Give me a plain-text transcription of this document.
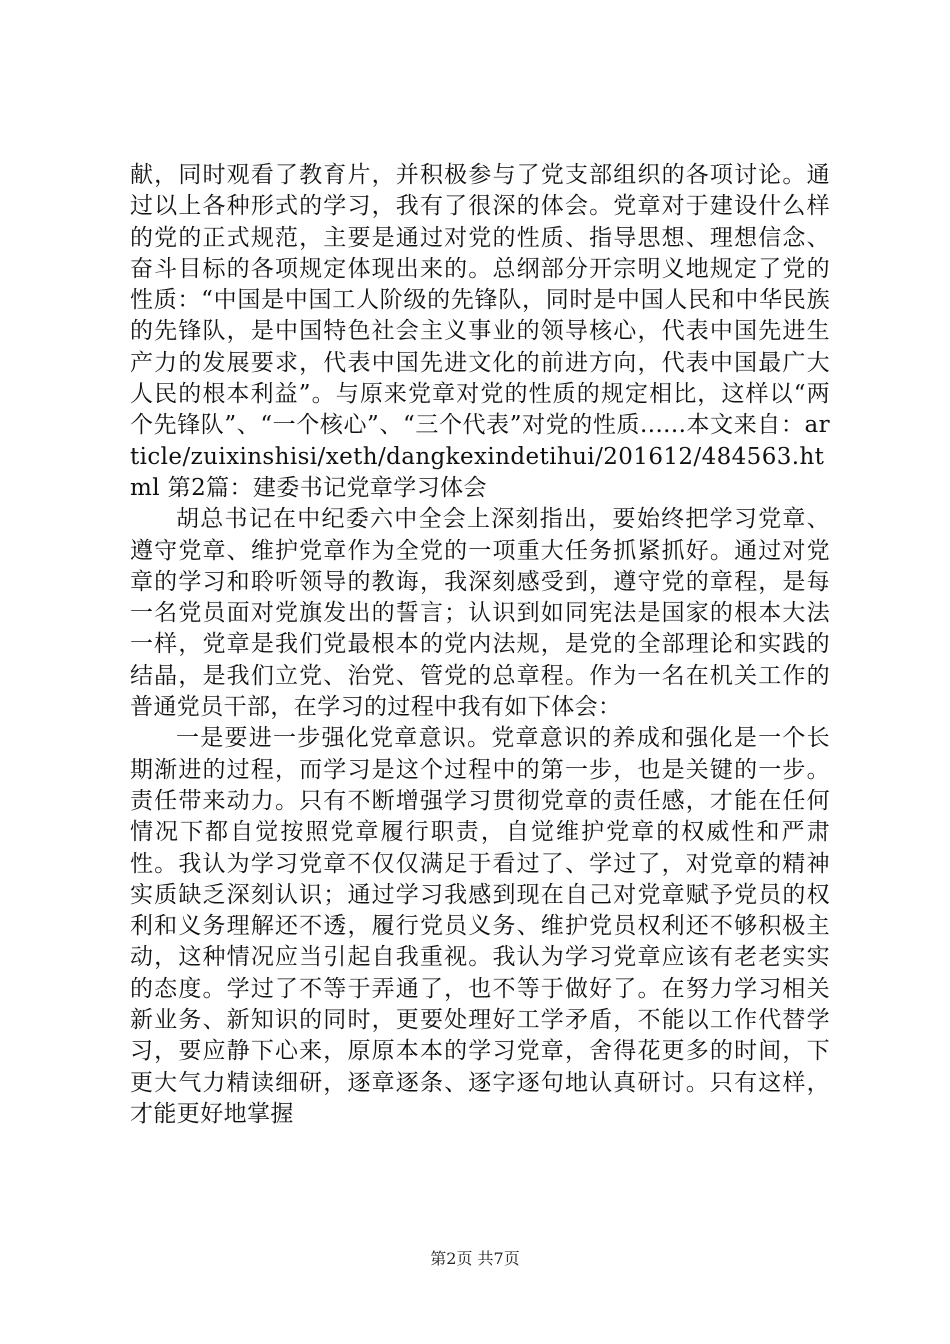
献，同时观看了教育片，并积极参与了党支部组织的各项讨论。通过以上各种形式的学习，我有了很深的体会。党章对于建设什么样的党的正式规范，主要是通过对党的性质、指导思想、理想信念、奋斗目标的各项规定体现出来的。总纲部分开宗明义地规定了党的性质：“中国是中国工人阶级的先锋队，同时是中国人民和中华民族的先锋队，是中国特色社会主义事业的领导核心，代表中国先进生产力的发展要求，代表中国先进文化的前进方向，代表中国最广大人民的根本利益”。与原来党章对党的性质的规定相比，这样以“两个先锋队”、“一个核心”、“三个代表”对党的性质......本文来自：article/zuixinshisi/xeth/dangkexindetihui/201612/484563.html 第2篇：建委书记党章学习体会

胡总书记在中纪委六中全会上深刻指出，要始终把学习党章、遵守党章、维护党章作为全党的一项重大任务抓紧抓好。通过对党章的学习和聆听领导的教诲，我深刻感受到，遵守党的章程，是每一名党员面对党旗发出的誓言；认识到如同宪法是国家的根本大法一样，党章是我们党最根本的党内法规，是党的全部理论和实践的结晶，是我们立党、治党、管党的总章程。作为一名在机关工作的普通党员干部，在学习的过程中我有如下体会：

一是要进一步强化党章意识。党章意识的养成和强化是一个长期渐进的过程，而学习是这个过程中的第一步，也是关键的一步。责任带来动力。只有不断增强学习贯彻党章的责任感，才能在任何情况下都自觉按照党章履行职责，自觉维护党章的权威性和严肃性。我认为学习党章不仅仅满足于看过了、学过了，对党章的精神实质缺乏深刻认识；通过学习我感到现在自己对党章赋予党员的权利和义务理解还不透，履行党员义务、维护党员权利还不够积极主动，这种情况应当引起自我重视。我认为学习党章应该有老老实实的态度。学过了不等于弄通了，也不等于做好了。在努力学习相关新业务、新知识的同时，更要处理好工学矛盾，不能以工作代替学习，要应静下心来，原原本本的学习党章，舍得花更多的时间，下更大气力精读细研，逐章逐条、逐字逐句地认真研讨。只有这样，才能更好地掌握

第2页 共7页
